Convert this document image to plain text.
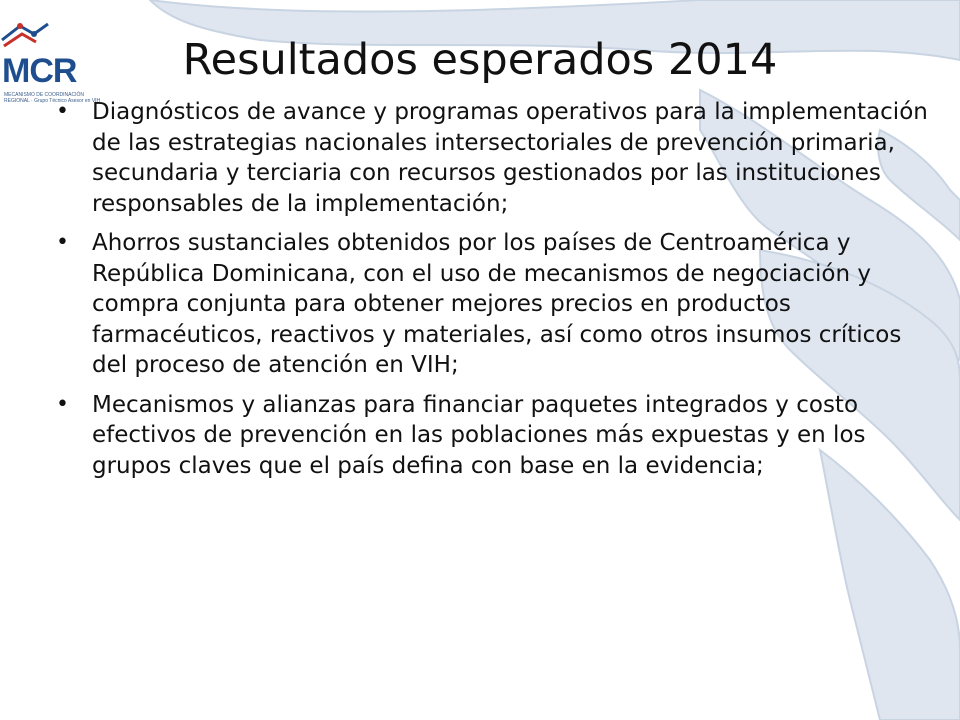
MCR
MECANISMO DE COORDINACIÓN REGIONAL · Grupo Técnico Asesor en VIH
Resultados esperados 2014
• Diagnósticos de avance y programas operativos para la implementación de las estrategias nacionales intersectoriales de prevención primaria, secundaria y terciaria con recursos gestionados por las instituciones responsables de la implementación;
• Ahorros sustanciales obtenidos por los países de Centroamérica y República Dominicana, con el uso de mecanismos de negociación y compra conjunta para obtener mejores precios en productos farmacéuticos, reactivos y materiales, así como otros insumos críticos del proceso de atención en VIH;
• Mecanismos y alianzas para financiar paquetes integrados y costo efectivos de prevención en las poblaciones más expuestas y en los grupos claves que el país defina con base en la evidencia;
